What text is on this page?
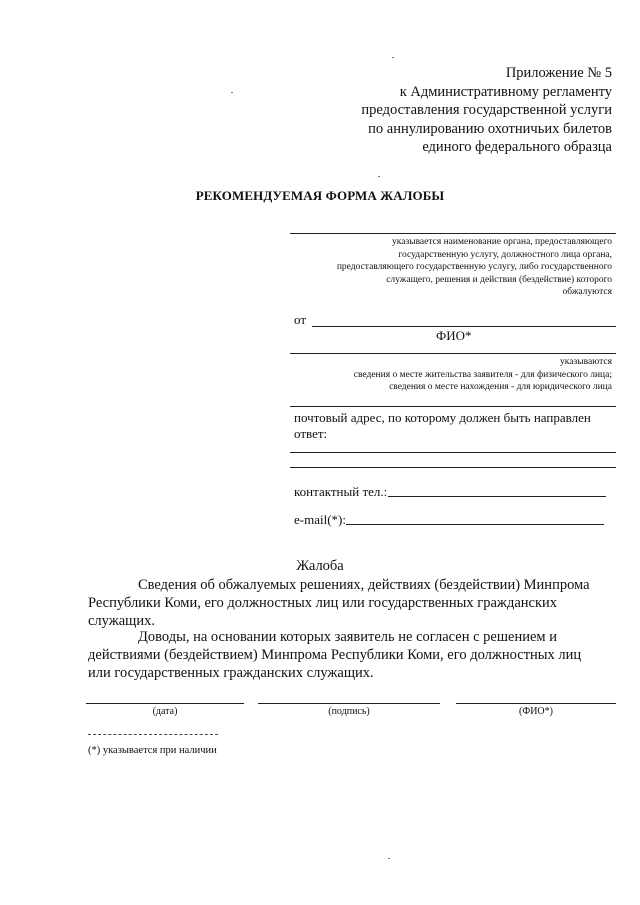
Приложение № 5
к Административному регламенту
предоставления государственной услуги
по аннулированию охотничьих билетов
единого федерального образца
РЕКОМЕНДУЕМАЯ ФОРМА ЖАЛОБЫ
указывается наименование органа, предоставляющего
государственную услугу, должностного лица органа,
предоставляющего государственную услугу, либо государственного
служащего, решения и действия (бездействие) которого
обжалуются
от
ФИО*
указываются
сведения о месте жительства заявителя - для физического лица;
сведения о месте нахождения - для юридического лица
почтовый адрес, по которому должен быть направлен
ответ:
контактный тел.:
e-mail(*):
Жалоба
Сведения об обжалуемых решениях, действиях (бездействии) Минпрома
Республики Коми, его должностных лиц или государственных гражданских
служащих.
Доводы, на основании которых заявитель не согласен с решением и
действиями (бездействием) Минпрома Республики Коми, его должностных лиц
или государственных гражданских служащих.
(дата)	(подпись)	(ФИО*)
(*) указывается при наличии
